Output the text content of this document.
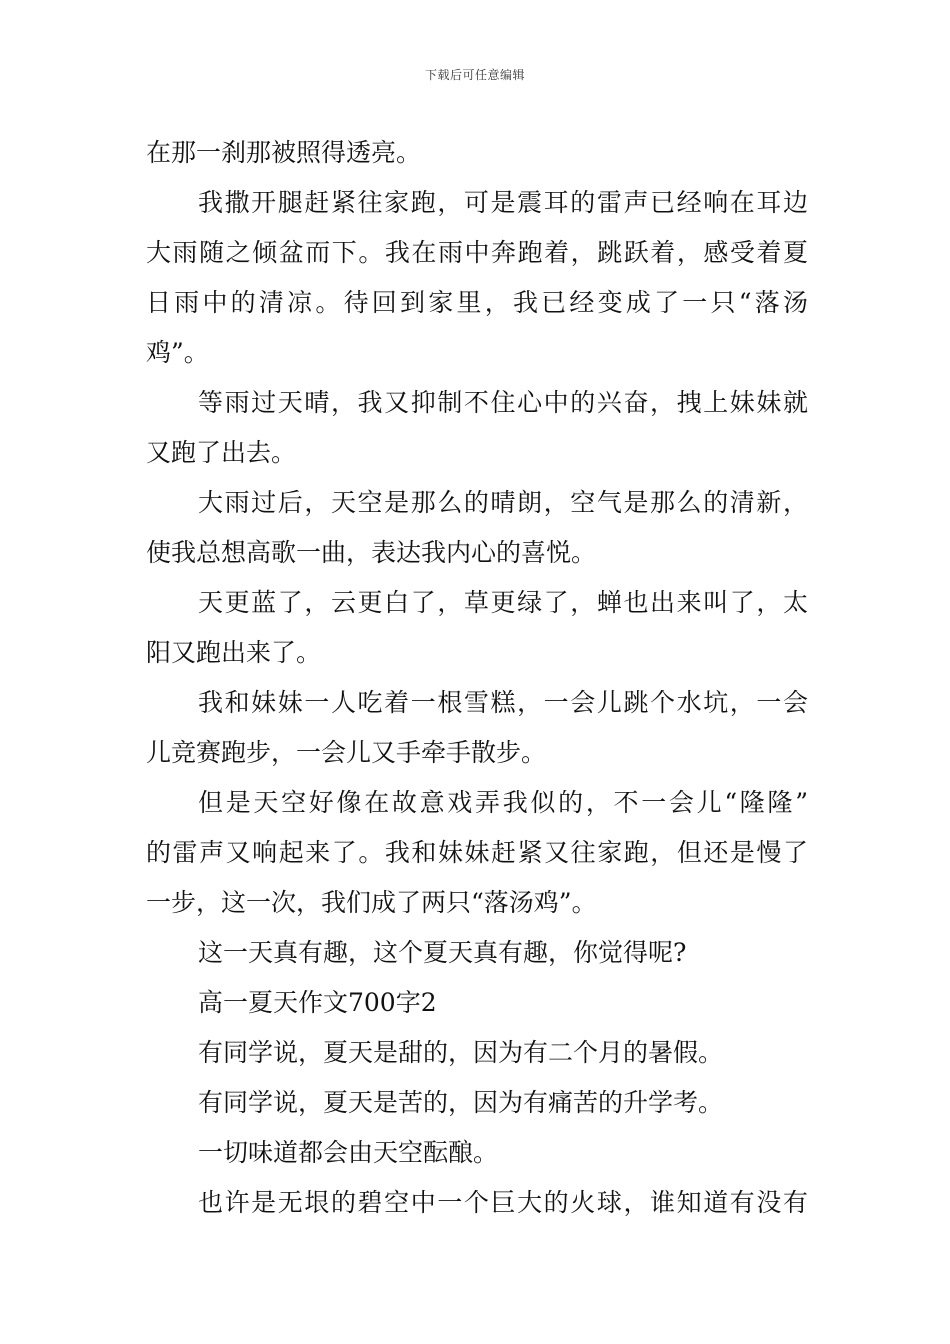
下载后可任意编辑
在那一刹那被照得透亮。
我撒开腿赶紧往家跑，可是震耳的雷声已经响在耳边
大雨随之倾盆而下。我在雨中奔跑着，跳跃着，感受着夏
日雨中的清凉。待回到家里，我已经变成了一只“落汤
鸡”。
等雨过天晴，我又抑制不住心中的兴奋，拽上妹妹就
又跑了出去。
大雨过后，天空是那么的晴朗，空气是那么的清新，
使我总想高歌一曲，表达我内心的喜悦。
天更蓝了，云更白了，草更绿了，蝉也出来叫了，太
阳又跑出来了。
我和妹妹一人吃着一根雪糕，一会儿跳个水坑，一会
儿竞赛跑步，一会儿又手牵手散步。
但是天空好像在故意戏弄我似的，不一会儿“隆隆”
的雷声又响起来了。我和妹妹赶紧又往家跑，但还是慢了
一步，这一次，我们成了两只“落汤鸡”。
这一天真有趣，这个夏天真有趣，你觉得呢?
高一夏天作文700字2
有同学说，夏天是甜的，因为有二个月的暑假。
有同学说，夏天是苦的，因为有痛苦的升学考。
一切味道都会由天空酝酿。
也许是无垠的碧空中一个巨大的火球，谁知道有没有
